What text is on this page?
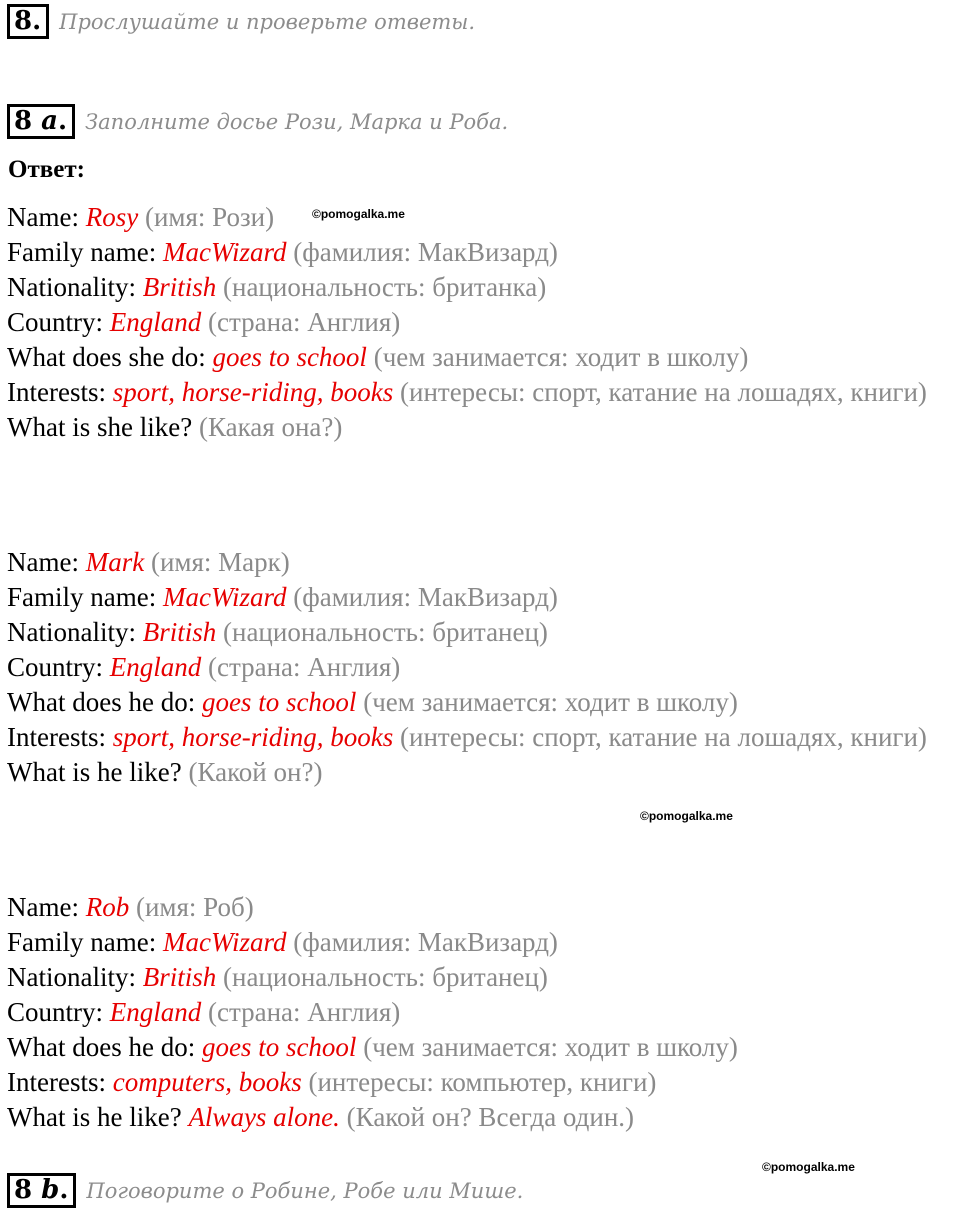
8. Прослушайте и проверьте ответы.
8 a. Заполните досье Рози, Марка и Роба.
Ответ:
Name: Rosy (имя: Рози)
Family name: MacWizard (фамилия: МакВизард)
Nationality: British (национальность: британка)
Country: England (страна: Англия)
What does she do: goes to school (чем занимается: ходит в школу)
Interests: sport, horse-riding, books (интересы: спорт, катание на лошадях, книги)
What is she like? (Какая она?)
Name: Mark (имя: Марк)
Family name: MacWizard (фамилия: МакВизард)
Nationality: British (национальность: британец)
Country: England (страна: Англия)
What does he do: goes to school (чем занимается: ходит в школу)
Interests: sport, horse-riding, books (интересы: спорт, катание на лошадях, книги)
What is he like? (Какой он?)
Name: Rob (имя: Роб)
Family name: MacWizard (фамилия: МакВизард)
Nationality: British (национальность: британец)
Country: England (страна: Англия)
What does he do: goes to school (чем занимается: ходит в школу)
Interests: computers, books (интересы: компьютер, книги)
What is he like? Always alone. (Какой он? Всегда один.)
©pomogalka.me
©pomogalka.me
©pomogalka.me
8 b. Поговорите о Робине, Робе или Мише.
